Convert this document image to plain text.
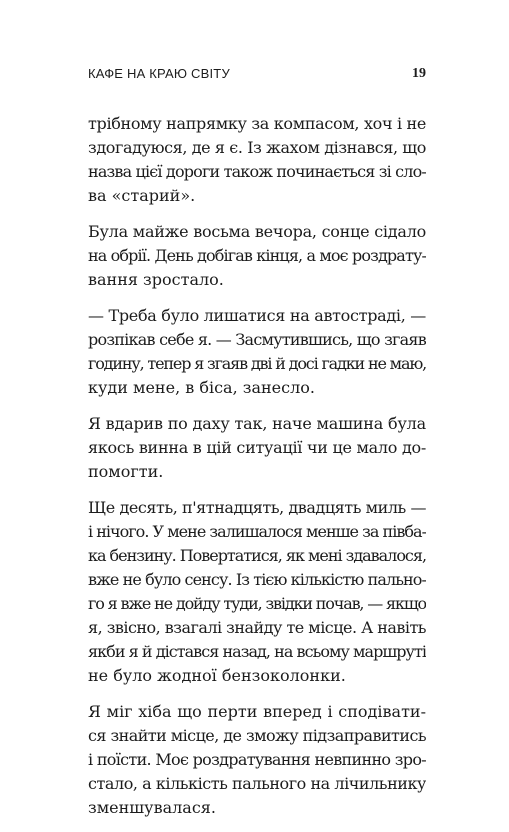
КАФЕ НА КРАЮ СВІТУ	19

трібному напрямку за компасом, хоч і не
здогадуюся, де я є. Із жахом дізнався, що
назва цієї дороги також починається зі сло-
ва «старий».

Була майже восьма вечора, сонце сідало
на обрії. День добігав кінця, а моє роздрату-
вання зростало.

— Треба було лишатися на автостраді, —
розпікав себе я. — Засмутившись, що згаяв
годину, тепер я згаяв дві й досі гадки не маю,
куди мене, в біса, занесло.

Я вдарив по даху так, наче машина була
якось винна в цій ситуації чи це мало до-
помогти.

Ще десять, п'ятнадцять, двадцять миль —
і нічого. У мене залишалося менше за півба-
ка бензину. Повертатися, як мені здавалося,
вже не було сенсу. Із тією кількістю пально-
го я вже не дойду туди, звідки почав, — якщо
я, звісно, взагалі знайду те місце. А навіть
якби я й дістався назад, на всьому маршруті
не було жодної бензоколонки.

Я міг хіба що перти вперед і сподівати-
ся знайти місце, де зможу підзаправитись
і поїсти. Моє роздратування невпинно зро-
стало, а кількість пального на лічильнику
зменшувалася.
